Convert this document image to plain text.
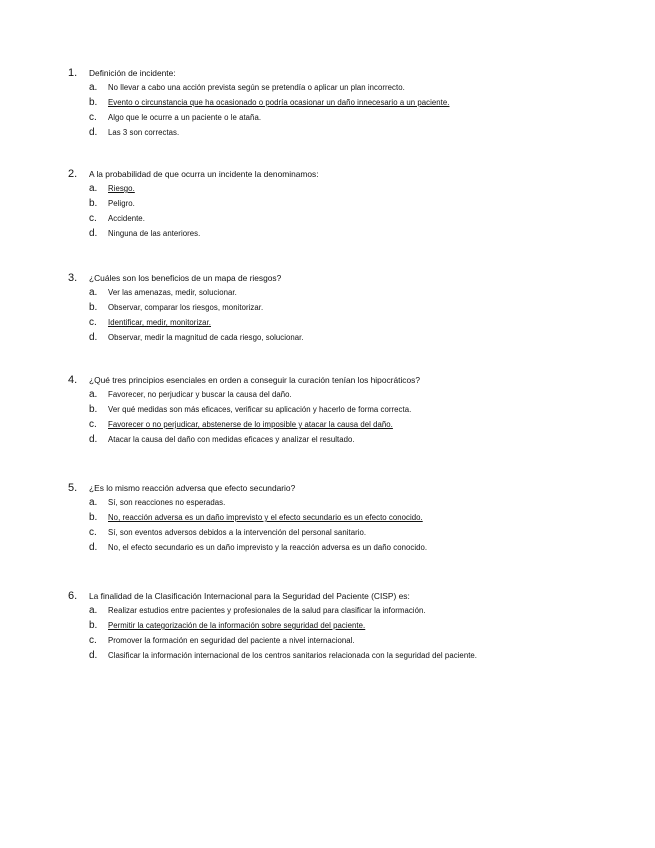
1. Definición de incidente:
a. No llevar a cabo una acción prevista según se pretendía o aplicar un plan incorrecto.
b. Evento o circunstancia que ha ocasionado o podría ocasionar un daño innecesario a un paciente.
c. Algo que le ocurre a un paciente o le ataña.
d. Las 3 son correctas.
2. A la probabilidad de que ocurra un incidente la denominamos:
a. Riesgo.
b. Peligro.
c. Accidente.
d. Ninguna de las anteriores.
3. ¿Cuáles son los beneficios de un mapa de riesgos?
a. Ver las amenazas, medir, solucionar.
b. Observar, comparar los riesgos, monitorizar.
c. Identificar, medir, monitorizar.
d. Observar, medir la magnitud de cada riesgo, solucionar.
4. ¿Qué tres principios esenciales en orden a conseguir la curación tenían los hipocráticos?
a. Favorecer, no perjudicar y buscar la causa del daño.
b. Ver qué medidas son más eficaces, verificar su aplicación y hacerlo de forma correcta.
c. Favorecer o no perjudicar, abstenerse de lo imposible y atacar la causa del daño.
d. Atacar la causa del daño con medidas eficaces y analizar el resultado.
5. ¿Es lo mismo reacción adversa que efecto secundario?
a. Sí, son reacciones no esperadas.
b. No, reacción adversa es un daño imprevisto y el efecto secundario es un efecto conocido.
c. Sí, son eventos adversos debidos a la intervención del personal sanitario.
d. No, el efecto secundario es un daño imprevisto y la reacción adversa es un daño conocido.
6. La finalidad de la Clasificación Internacional para la Seguridad del Paciente (CISP) es:
a. Realizar estudios entre pacientes y profesionales de la salud para clasificar la información.
b. Permitir la categorización de la información sobre seguridad del paciente.
c. Promover la formación en seguridad del paciente a nivel internacional.
d. Clasificar la información internacional de los centros sanitarios relacionada con la seguridad del paciente.
